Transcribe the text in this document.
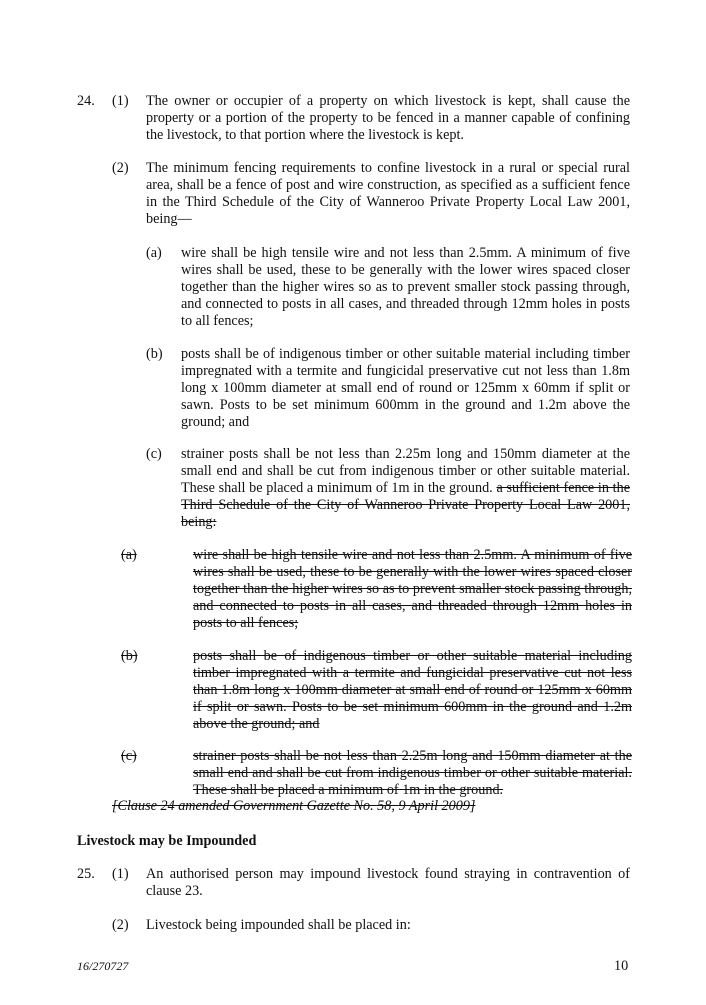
24. (1) The owner or occupier of a property on which livestock is kept, shall cause the property or a portion of the property to be fenced in a manner capable of confining the livestock, to that portion where the livestock is kept.
(2) The minimum fencing requirements to confine livestock in a rural or special rural area, shall be a fence of post and wire construction, as specified as a sufficient fence in the Third Schedule of the City of Wanneroo Private Property Local Law 2001, being—
(a) wire shall be high tensile wire and not less than 2.5mm. A minimum of five wires shall be used, these to be generally with the lower wires spaced closer together than the higher wires so as to prevent smaller stock passing through, and connected to posts in all cases, and threaded through 12mm holes in posts to all fences;
(b) posts shall be of indigenous timber or other suitable material including timber impregnated with a termite and fungicidal preservative cut not less than 1.8m long x 100mm diameter at small end of round or 125mm x 60mm if split or sawn. Posts to be set minimum 600mm in the ground and 1.2m above the ground; and
(c) strainer posts shall be not less than 2.25m long and 150mm diameter at the small end and shall be cut from indigenous timber or other suitable material. These shall be placed a minimum of 1m in the ground. a sufficient fence in the Third Schedule of the City of Wanneroo Private Property Local Law 2001, being:
(a)	wire shall be high tensile wire and not less than 2.5mm. A minimum of five wires shall be used, these to be generally with the lower wires spaced closer together than the higher wires so as to prevent smaller stock passing through, and connected to posts in all cases, and threaded through 12mm holes in posts to all fences;
(b)	posts shall be of indigenous timber or other suitable material including timber impregnated with a termite and fungicidal preservative cut not less than 1.8m long x 100mm diameter at small end of round or 125mm x 60mm if split or sawn. Posts to be set minimum 600mm in the ground and 1.2m above the ground; and
(c)	strainer posts shall be not less than 2.25m long and 150mm diameter at the small end and shall be cut from indigenous timber or other suitable material. These shall be placed a minimum of 1m in the ground.
[Clause 24 amended Government Gazette No. 58, 9 April 2009]
Livestock may be Impounded
25. (1) An authorised person may impound livestock found straying in contravention of clause 23.
(2) Livestock being impounded shall be placed in:
16/270727	10
